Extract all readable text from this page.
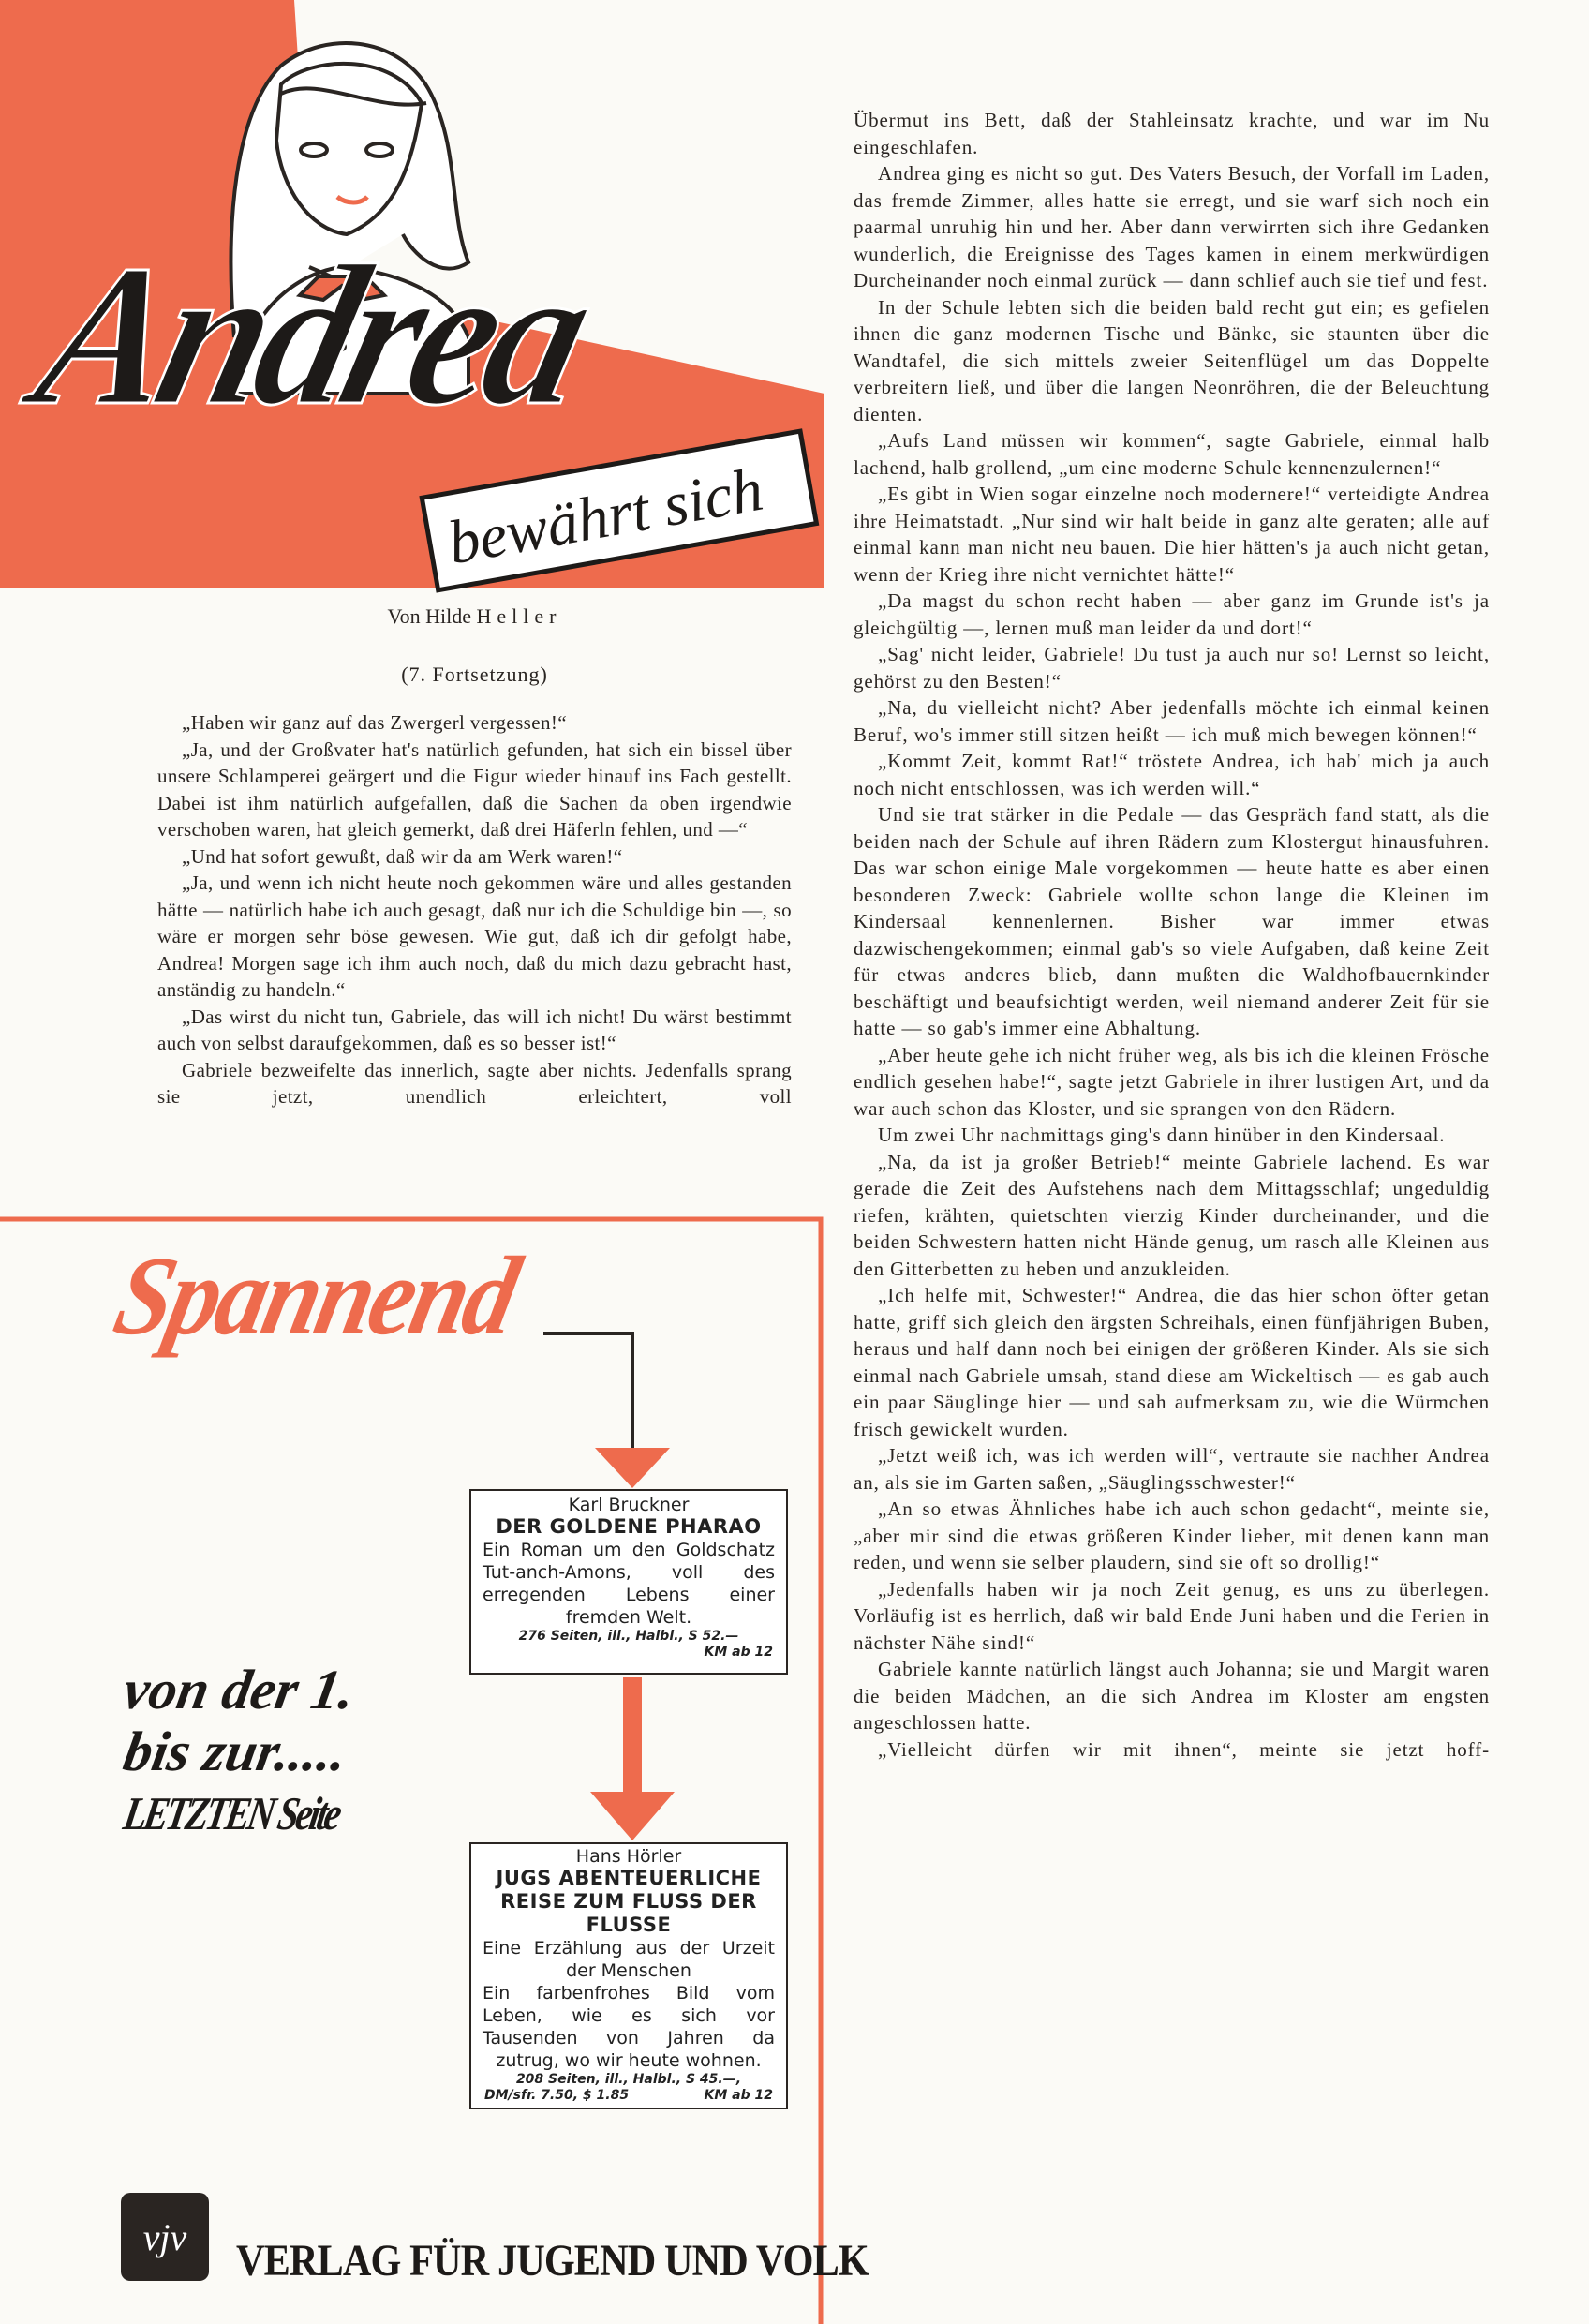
Andrea
bewährt sich
Von Hilde Heller
(7. Fortsetzung)

„Haben wir ganz auf das Zwergerl vergessen!“

„Ja, und der Großvater hat's natürlich gefunden, hat sich ein bissel über unsere Schlamperei geärgert und die Figur wieder hinauf ins Fach gestellt. Dabei ist ihm natürlich aufgefallen, daß die Sachen da oben irgendwie verschoben waren, hat gleich gemerkt, daß drei Häferln fehlen, und —“

„Und hat sofort gewußt, daß wir da am Werk waren!“

„Ja, und wenn ich nicht heute noch gekommen wäre und alles gestanden hätte — natürlich habe ich auch gesagt, daß nur ich die Schuldige bin —, so wäre er morgen sehr böse gewesen. Wie gut, daß ich dir gefolgt habe, Andrea! Morgen sage ich ihm auch noch, daß du mich dazu gebracht hast, anständig zu handeln.“

„Das wirst du nicht tun, Gabriele, das will ich nicht! Du wärst bestimmt auch von selbst daraufgekommen, daß es so besser ist!“

Gabriele bezweifelte das innerlich, sagte aber nichts. Jedenfalls sprang sie jetzt, unendlich erleichtert, voll

Übermut ins Bett, daß der Stahleinsatz krachte, und war im Nu eingeschlafen.

Andrea ging es nicht so gut. Des Vaters Besuch, der Vorfall im Laden, das fremde Zimmer, alles hatte sie erregt, und sie warf sich noch ein paarmal unruhig hin und her. Aber dann verwirrten sich ihre Gedanken wunderlich, die Ereignisse des Tages kamen in einem merkwürdigen Durcheinander noch einmal zurück — dann schlief auch sie tief und fest.

In der Schule lebten sich die beiden bald recht gut ein; es gefielen ihnen die ganz modernen Tische und Bänke, sie staunten über die Wandtafel, die sich mittels zweier Seitenflügel um das Doppelte verbreitern ließ, und über die langen Neonröhren, die der Beleuchtung dienten.

„Aufs Land müssen wir kommen“, sagte Gabriele, einmal halb lachend, halb grollend, „um eine moderne Schule kennenzulernen!“

„Es gibt in Wien sogar einzelne noch modernere!“ verteidigte Andrea ihre Heimatstadt. „Nur sind wir halt beide in ganz alte geraten; alle auf einmal kann man nicht neu bauen. Die hier hätten's ja auch nicht getan, wenn der Krieg ihre nicht vernichtet hätte!“

„Da magst du schon recht haben — aber ganz im Grunde ist's ja gleichgültig —, lernen muß man leider da und dort!“

„Sag' nicht leider, Gabriele! Du tust ja auch nur so! Lernst so leicht, gehörst zu den Besten!“

„Na, du vielleicht nicht? Aber jedenfalls möchte ich einmal keinen Beruf, wo's immer still sitzen heißt — ich muß mich bewegen können!“

„Kommt Zeit, kommt Rat!“ tröstete Andrea, ich hab' mich ja auch noch nicht entschlossen, was ich werden will.“

Und sie trat stärker in die Pedale — das Gespräch fand statt, als die beiden nach der Schule auf ihren Rädern zum Klostergut hinausfuhren. Das war schon einige Male vorgekommen — heute hatte es aber einen besonderen Zweck: Gabriele wollte schon lange die Kleinen im Kindersaal kennenlernen. Bisher war immer etwas dazwischengekommen; einmal gab's so viele Aufgaben, daß keine Zeit für etwas anderes blieb, dann mußten die Waldhofbauernkinder beschäftigt und beaufsichtigt werden, weil niemand anderer Zeit für sie hatte — so gab's immer eine Abhaltung.

„Aber heute gehe ich nicht früher weg, als bis ich die kleinen Frösche endlich gesehen habe!“, sagte jetzt Gabriele in ihrer lustigen Art, und da war auch schon das Kloster, und sie sprangen von den Rädern.

Um zwei Uhr nachmittags ging's dann hinüber in den Kindersaal.

„Na, da ist ja großer Betrieb!“ meinte Gabriele lachend. Es war gerade die Zeit des Aufstehens nach dem Mittagsschlaf; ungeduldig riefen, krähten, quietschten vierzig Kinder durcheinander, und die beiden Schwestern hatten nicht Hände genug, um rasch alle Kleinen aus den Gitterbetten zu heben und anzukleiden.

„Ich helfe mit, Schwester!“ Andrea, die das hier schon öfter getan hatte, griff sich gleich den ärgsten Schreihals, einen fünfjährigen Buben, heraus und half dann noch bei einigen der größeren Kinder. Als sie sich einmal nach Gabriele umsah, stand diese am Wickeltisch — es gab auch ein paar Säuglinge hier — und sah aufmerksam zu, wie die Würmchen frisch gewickelt wurden.

„Jetzt weiß ich, was ich werden will“, vertraute sie nachher Andrea an, als sie im Garten saßen, „Säuglingsschwester!“

„An so etwas Ähnliches habe ich auch schon gedacht“, meinte sie, „aber mir sind die etwas größeren Kinder lieber, mit denen kann man reden, und wenn sie selber plaudern, sind sie oft so drollig!“

„Jedenfalls haben wir ja noch Zeit genug, es uns zu überlegen. Vorläufig ist es herrlich, daß wir bald Ende Juni haben und die Ferien in nächster Nähe sind!“

Gabriele kannte natürlich längst auch Johanna; sie und Margit waren die beiden Mädchen, an die sich Andrea im Kloster am engsten angeschlossen hatte.

„Vielleicht dürfen wir mit ihnen“, meinte sie jetzt hoff-

Spannend
Karl Bruckner
DER GOLDENE PHARAO
Ein Roman um den Goldschatz Tut-anch-Amons, voll des erregenden Lebens einer fremden Welt.
276 Seiten, ill., Halbl., S 52.—
KM ab 12
Hans Hörler
JUGS ABENTEUERLICHE REISE ZUM FLUSS DER FLUSSE
Eine Erzählung aus der Urzeit der Menschen
Ein farbenfrohes Bild vom Leben, wie es sich vor Tausenden von Jahren da zutrug, wo wir heute wohnen.
208 Seiten, ill., Halbl., S 45.—,
DM/sfr. 7.50, $ 1.85	KM ab 12
von der 1.
bis zur.....
LETZTEN Seite
vjv	VERLAG FÜR JUGEND UND VOLK
